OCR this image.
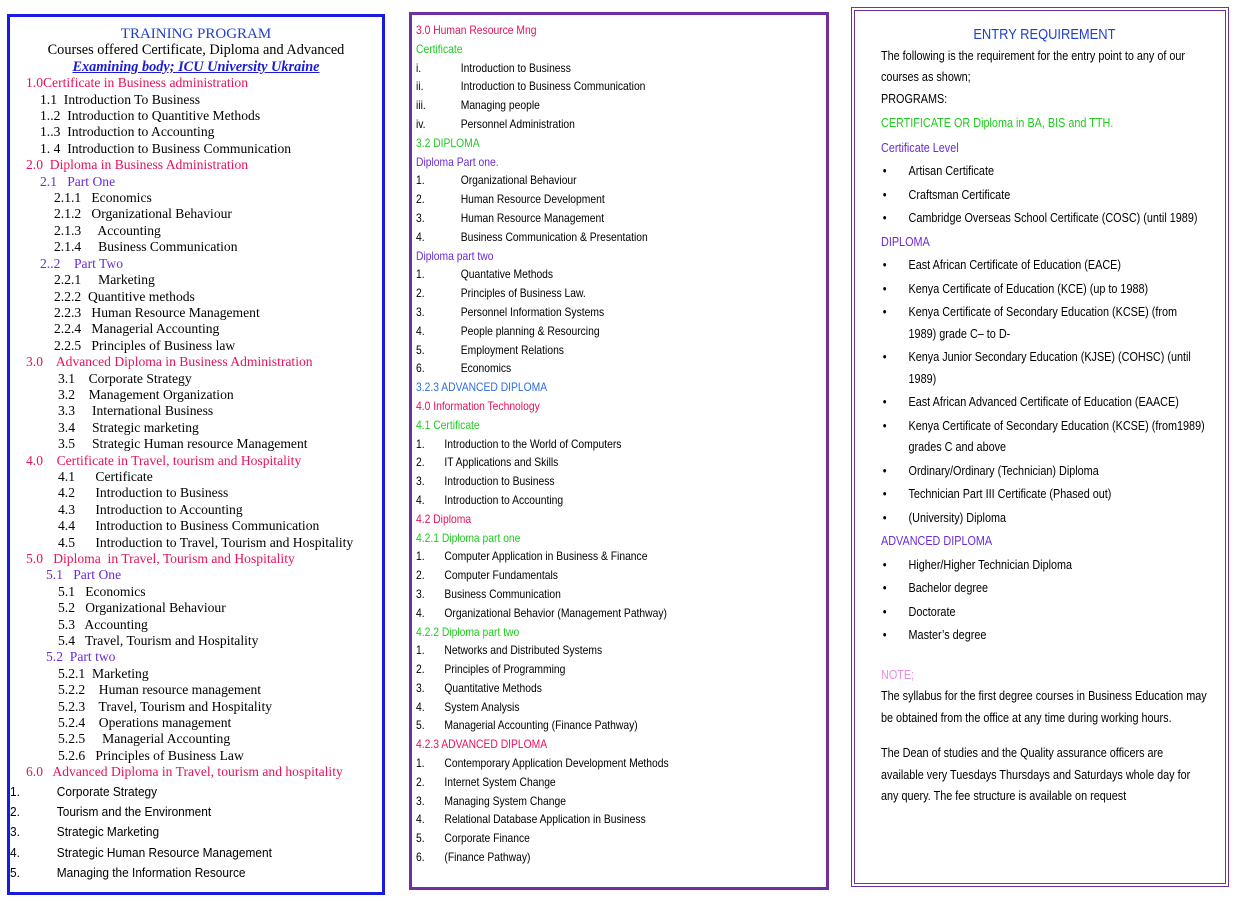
TRAINING PROGRAM
Courses offered Certificate, Diploma and Advanced
Examining body; ICU University Ukraine
1.0Certificate in Business administration
1.1  Introduction To Business
1..2  Introduction to Quantitive Methods
1..3  Introduction to Accounting
1. 4  Introduction to Business Communication
2.0  Diploma in Business Administration
2.1   Part One
2.1.1   Economics
2.1.2   Organizational Behaviour
2.1.3     Accounting
2.1.4     Business Communication
2..2    Part Two
2.2.1     Marketing
2.2.2  Quantitive methods
2.2.3   Human Resource Management
2.2.4   Managerial Accounting
2.2.5   Principles of Business law
3.0    Advanced Diploma in Business Administration
3.1    Corporate Strategy
3.2    Management Organization
3.3     International Business
3.4     Strategic marketing
3.5     Strategic Human resource Management
4.0    Certificate in Travel, tourism and Hospitality
4.1      Certificate
4.2      Introduction to Business
4.3      Introduction to Accounting
4.4      Introduction to Business Communication
4.5      Introduction to Travel, Tourism and Hospitality
5.0   Diploma  in Travel, Tourism and Hospitality
5.1   Part One
5.1   Economics
5.2   Organizational Behaviour
5.3   Accounting
5.4   Travel, Tourism and Hospitality
5.2  Part two
5.2.1  Marketing
5.2.2    Human resource management
5.2.3    Travel, Tourism and Hospitality
5.2.4    Operations management
5.2.5     Managerial Accounting
5.2.6   Principles of Business Law
6.0   Advanced Diploma in Travel, tourism and hospitality
1.	Corporate Strategy
2.	Tourism and the Environment
3.	Strategic Marketing
4.	Strategic Human Resource Management
5.	Managing the Information Resource
3.0 Human Resource Mng
Certificate
i.	Introduction to Business
ii.	Introduction to Business Communication
iii.	Managing people
iv.	Personnel Administration
3.2 DIPLOMA
Diploma Part one.
1.	Organizational Behaviour
2.	Human Resource Development
3.	Human Resource Management
4.	Business Communication & Presentation
Diploma part two
1.	Quantative Methods
2.	Principles of Business Law.
3.	Personnel Information Systems
4.	People planning & Resourcing
5.	Employment Relations
6.	Economics
3.2.3 ADVANCED DIPLOMA
4.0 Information Technology
4.1 Certificate
1. Introduction to the World of Computers
2. IT Applications and Skills
3. Introduction to Business
4. Introduction to Accounting
4.2 Diploma
4.2.1 Diploma part one
1. Computer Application in Business & Finance
2. Computer Fundamentals
3. Business Communication
4. Organizational Behavior (Management Pathway)
4.2.2 Diploma part two
1. Networks and Distributed Systems
2. Principles of Programming
3. Quantitative Methods
4. System Analysis
5. Managerial Accounting (Finance Pathway)
4.2.3 ADVANCED DIPLOMA
1. Contemporary Application Development Methods
2. Internet System Change
3. Managing System Change
4. Relational Database Application in Business
5. Corporate Finance
6. (Finance Pathway)
ENTRY REQUIREMENT
The following is the requirement for the entry point to any of our courses as shown;
PROGRAMS:
CERTIFICATE OR Diploma in BA, BIS and TTH.
Certificate Level
• Artisan Certificate
• Craftsman Certificate
• Cambridge Overseas School Certificate (COSC) (until 1989)
DIPLOMA
• East African Certificate of Education (EACE)
• Kenya Certificate of Education (KCE) (up to 1988)
• Kenya Certificate of Secondary Education (KCSE) (from 1989) grade C– to D-
• Kenya Junior Secondary Education (KJSE) (COHSC) (until 1989)
• East African Advanced Certificate of Education (EAACE)
• Kenya Certificate of Secondary Education (KCSE) (from1989) grades C and above
• Ordinary/Ordinary (Technician) Diploma
• Technician Part III Certificate (Phased out)
• (University) Diploma
ADVANCED DIPLOMA
• Higher/Higher Technician Diploma
• Bachelor degree
• Doctorate
• Master’s degree
NOTE;
The syllabus for the first degree courses in Business Education may be obtained from the office at any time during working hours.
The Dean of studies and the Quality assurance officers are available very Tuesdays Thursdays and Saturdays whole day for any query. The fee structure is available on request
